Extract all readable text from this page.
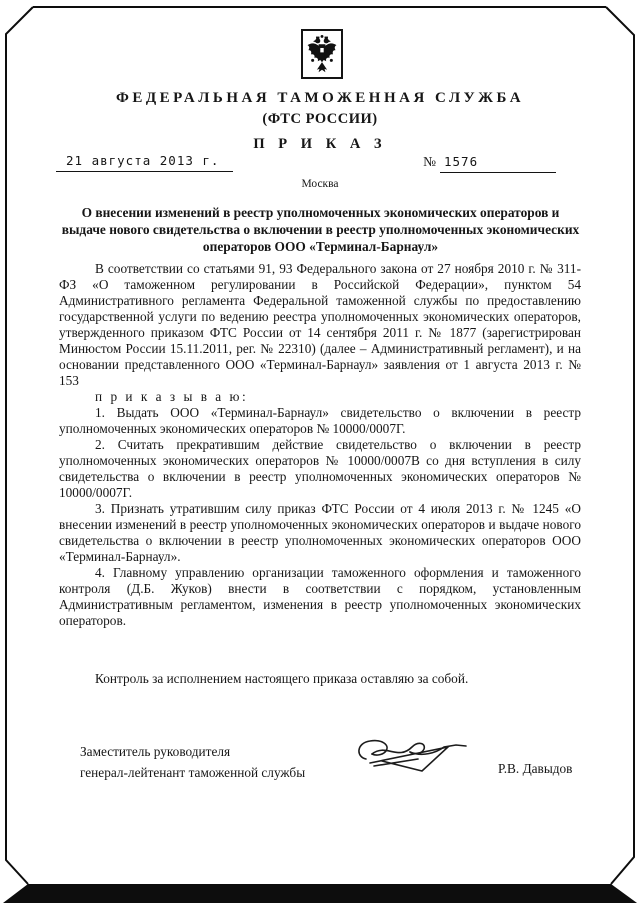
ФЕДЕРАЛЬНАЯ ТАМОЖЕННАЯ СЛУЖБА
(ФТС РОССИИ)
П Р И К А З
21 августа 2013 г.	№ 1576
Москва
О внесении изменений в реестр уполномоченных экономических операторов и выдаче нового свидетельства о включении в реестр уполномоченных экономических операторов ООО «Терминал-Барнаул»

В соответствии со статьями 91, 93 Федерального закона от 27 ноября 2010 г. № 311-ФЗ «О таможенном регулировании в Российской Федерации», пунктом 54 Административного регламента Федеральной таможенной службы по предоставлению государственной услуги по ведению реестра уполномоченных экономических операторов, утвержденного приказом ФТС России от 14 сентября 2011 г. № 1877 (зарегистрирован Минюстом России 15.11.2011, рег. № 22310) (далее – Административный регламент), и на основании представленного ООО «Терминал-Барнаул» заявления от 1 августа 2013 г. № 153

п р и к а з ы в а ю:

1. Выдать ООО «Терминал-Барнаул» свидетельство о включении в реестр уполномоченных экономических операторов № 10000/0007Г.

2. Считать прекратившим действие свидетельство о включении в реестр уполномоченных экономических операторов № 10000/0007В со дня вступления в силу свидетельства о включении в реестр уполномоченных экономических операторов № 10000/0007Г.

3. Признать утратившим силу приказ ФТС России от 4 июля 2013 г. № 1245 «О внесении изменений в реестр уполномоченных экономических операторов и выдаче нового свидетельства о включении в реестр уполномоченных экономических операторов ООО «Терминал-Барнаул».

4. Главному управлению организации таможенного оформления и таможенного контроля (Д.Б. Жуков) внести в соответствии с порядком, установленным Административным регламентом, изменения в реестр уполномоченных экономических операторов.

Контроль за исполнением настоящего приказа оставляю за собой.

Заместитель руководителя
генерал-лейтенант таможенной службы	Р.В. Давыдов
